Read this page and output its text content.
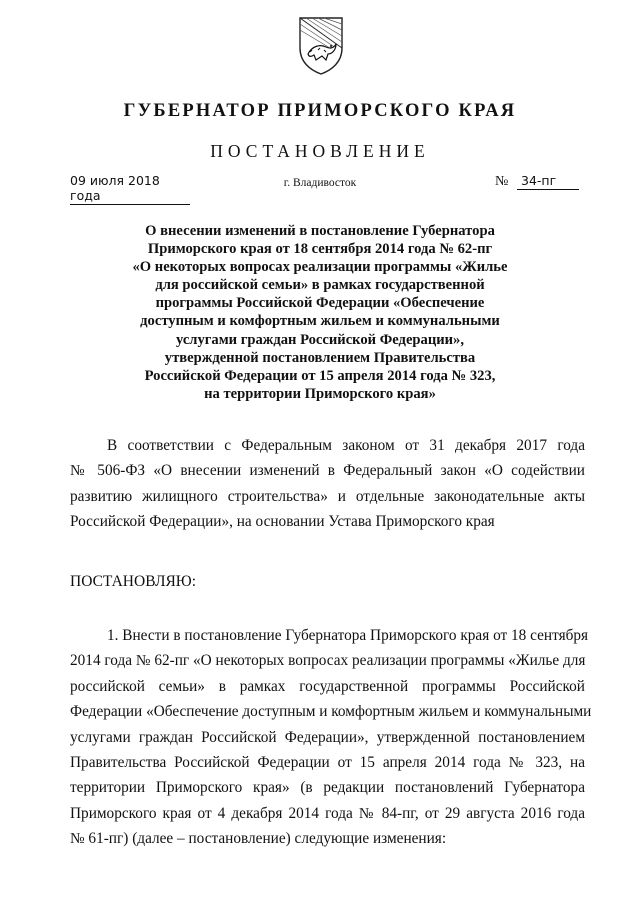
ГУБЕРНАТОР ПРИМОРСКОГО КРАЯ
ПОСТАНОВЛЕНИЕ
09 июля 2018 года
г. Владивосток	№	34-пг
О внесении изменений в постановление Губернатора
Приморского края от 18 сентября 2014 года № 62-пг
«О некоторых вопросах реализации программы «Жилье
для российской семьи» в рамках государственной
программы Российской Федерации «Обеспечение
доступным и комфортным жильем и коммунальными
услугами граждан Российской Федерации»,
утвержденной постановлением Правительства
Российской Федерации от 15 апреля 2014 года № 323,
на территории Приморского края»
В соответствии с Федеральным законом от 31 декабря 2017 года
№ 506-ФЗ «О внесении изменений в Федеральный закон «О содействии
развитию жилищного строительства» и отдельные законодательные акты
Российской Федерации», на основании Устава Приморского края
ПОСТАНОВЛЯЮ:
1. Внести в постановление Губернатора Приморского края от 18 сентября
2014 года № 62-пг «О некоторых вопросах реализации программы «Жилье для
российской семьи» в рамках государственной программы Российской
Федерации «Обеспечение доступным и комфортным жильем и коммунальными
услугами граждан Российской Федерации», утвержденной постановлением
Правительства Российской Федерации от 15 апреля 2014 года № 323, на
территории Приморского края» (в редакции постановлений Губернатора
Приморского края от 4 декабря 2014 года № 84-пг, от 29 августа 2016 года
№ 61-пг) (далее – постановление) следующие изменения:
